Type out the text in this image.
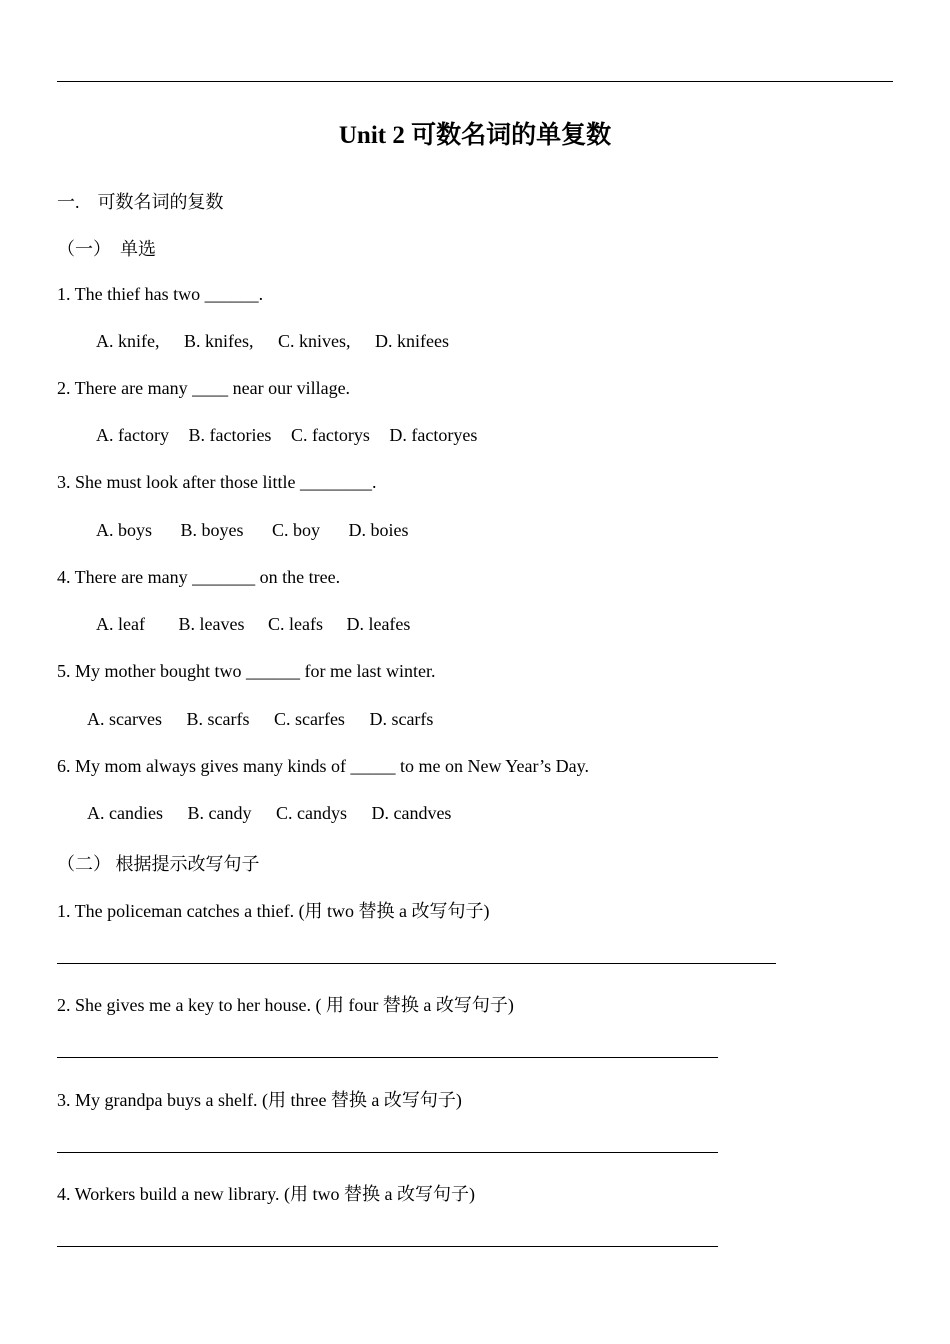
Unit 2 可数名词的单复数
一.    可数名词的复数
（一）  单选
1. The thief has two ______.
A. knife, B. knifes, C. knives, D. knifees
2. There are many ____ near our village.
A. factory B. factories C. factorys D. factoryes
3. She must look after those little ________.
A. boys B. boyes C. boy D. boies
4. There are many _______ on the tree.
A. leaf B. leaves C. leafs D. leafes
5. My mother bought two ______ for me last winter.
A. scarves B. scarfs C. scarfes D. scarfs
6. My mom always gives many kinds of _____ to me on New Year’s Day.
A. candies B. candy C. candys D. candves
（二） 根据提示改写句子
1. The policeman catches a thief. (用 two 替换 a 改写句子)
2. She gives me a key to her house. ( 用 four 替换 a 改写句子)
3. My grandpa buys a shelf. (用 three 替换 a 改写句子)
4. Workers build a new library. (用 two 替换 a 改写句子)
